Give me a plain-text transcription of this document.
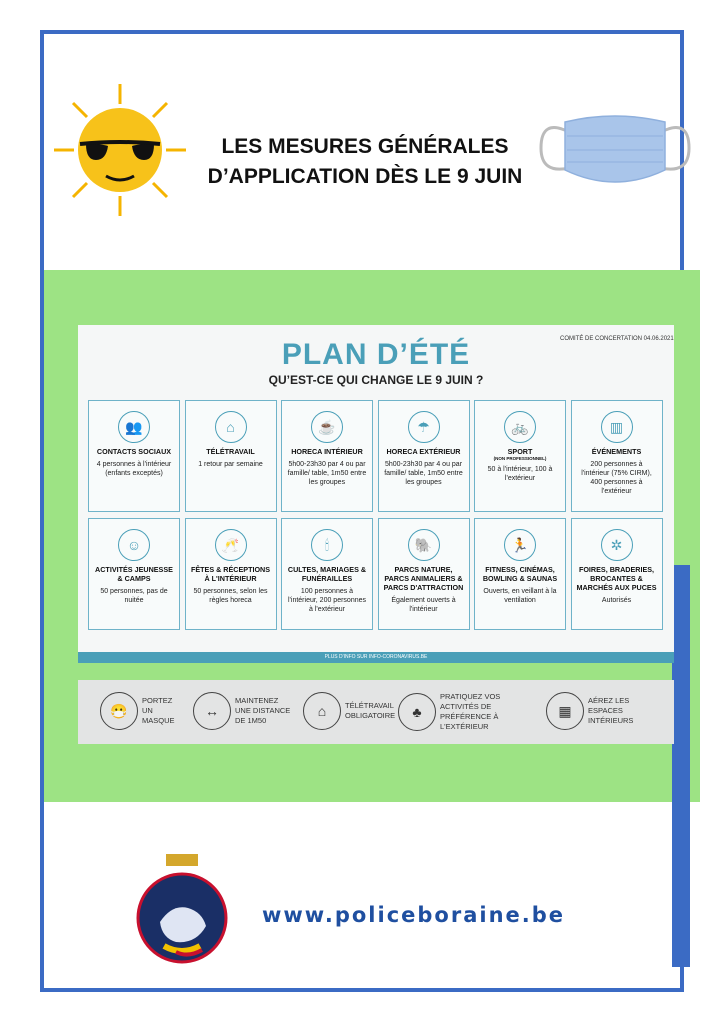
LES MESURES GÉNÉRALES
D’APPLICATION DÈS LE 9 JUIN
COMITÉ DE CONCERTATION 04.06.2021
PLAN D’ÉTÉ
QU’EST-CE QUI CHANGE LE 9 JUIN ?
👥
CONTACTS SOCIAUX
4 personnes à l'intérieur (enfants exceptés)
⌂
TÉLÉTRAVAIL
1 retour par semaine
☕
HORECA INTÉRIEUR
5h00-23h30 par 4 ou par famille/ table, 1m50 entre les groupes
☂
HORECA EXTÉRIEUR
5h00-23h30 par 4 ou par famille/ table, 1m50 entre les groupes
🚲
SPORT
(NON PROFESSIONNEL)
50 à l'intérieur, 100 à l'extérieur
▥
ÉVÉNEMENTS
200 personnes à l'intérieur (75% CIRM), 400 personnes à l'extérieur
☺
ACTIVITÉS JEUNESSE & CAMPS
50 personnes, pas de nuitée
🥂
FÊTES & RÉCEPTIONS À L'INTÉRIEUR
50 personnes, selon les règles horeca
🕯
CULTES, MARIAGES & FUNÉRAILLES
100 personnes à l'intérieur, 200 personnes à l'extérieur
🐘
PARCS NATURE, PARCS ANIMALIERS & PARCS D'ATTRACTION
Également ouverts à l'intérieur
🏃
FITNESS, CINÉMAS, BOWLING & SAUNAS
Ouverts, en veillant à la ventilation
✲
FOIRES, BRADERIES, BROCANTES & MARCHÉS AUX PUCES
Autorisés
PLUS D'INFO SUR INFO-CORONAVIRUS.BE
😷
PORTEZ UN MASQUE
↔
MAINTENEZ UNE DISTANCE DE 1M50
⌂	TÉLÉTRAVAIL OBLIGATOIRE	♣
PRATIQUEZ VOS ACTIVITÉS DE PRÉFÉRENCE À L'EXTÉRIEUR
▦
AÉREZ LES ESPACES INTÉRIEURS
www.policeboraine.be
